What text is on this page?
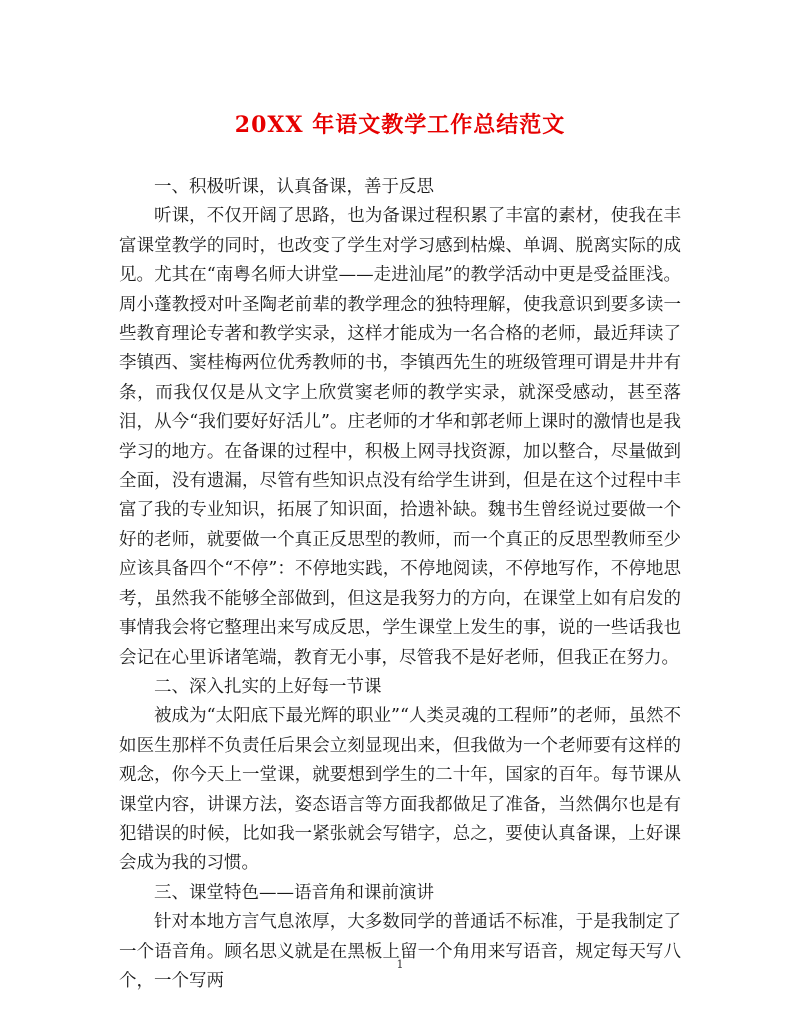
20XX 年语文教学工作总结范文

一、积极听课，认真备课，善于反思

听课，不仅开阔了思路，也为备课过程积累了丰富的素材，使我在丰富课堂教学的同时，也改变了学生对学习感到枯燥、单调、脱离实际的成见。尤其在“南粤名师大讲堂——走进汕尾”的教学活动中更是受益匪浅。周小蓬教授对叶圣陶老前辈的教学理念的独特理解，使我意识到要多读一些教育理论专著和教学实录，这样才能成为一名合格的老师，最近拜读了李镇西、窦桂梅两位优秀教师的书，李镇西先生的班级管理可谓是井井有条，而我仅仅是从文字上欣赏窦老师的教学实录，就深受感动，甚至落泪，从今“我们要好好活儿”。庄老师的才华和郭老师上课时的激情也是我学习的地方。在备课的过程中，积极上网寻找资源，加以整合，尽量做到全面，没有遗漏，尽管有些知识点没有给学生讲到，但是在这个过程中丰富了我的专业知识，拓展了知识面，拾遗补缺。魏书生曾经说过要做一个好的老师，就要做一个真正反思型的教师，而一个真正的反思型教师至少应该具备四个“不停”：不停地实践，不停地阅读，不停地写作，不停地思考，虽然我不能够全部做到，但这是我努力的方向，在课堂上如有启发的事情我会将它整理出来写成反思，学生课堂上发生的事，说的一些话我也会记在心里诉诸笔端，教育无小事，尽管我不是好老师，但我正在努力。

二、深入扎实的上好每一节课

被成为“太阳底下最光辉的职业”“人类灵魂的工程师”的老师，虽然不如医生那样不负责任后果会立刻显现出来，但我做为一个老师要有这样的观念，你今天上一堂课，就要想到学生的二十年，国家的百年。每节课从课堂内容，讲课方法，姿态语言等方面我都做足了准备，当然偶尔也是有犯错误的时候，比如我一紧张就会写错字，总之，要使认真备课，上好课会成为我的习惯。

三、课堂特色——语音角和课前演讲

针对本地方言气息浓厚，大多数同学的普通话不标准，于是我制定了一个语音角。顾名思义就是在黑板上留一个角用来写语音，规定每天写八个，一个写两

1
